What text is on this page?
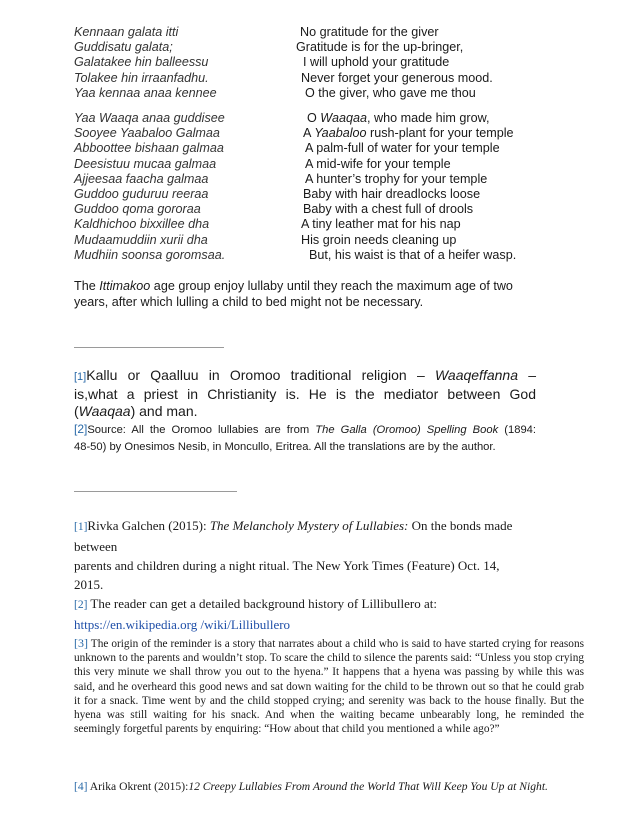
Kennaan galata itti	No gratitude for the giver
Guddisatu galata;	Gratitude is for the up-bringer,
Galatakee hin balleessu	I will uphold your gratitude
Tolakee hin irraanfadhu.	Never forget your generous mood.
Yaa kennaa anaa kennee	O the giver, who gave me thou
Yaa Waaqa anaa guddisee	O Waaqaa, who made him grow,
Sooyee Yaabaloo Galmaa	A Yaabaloo rush-plant for your temple
Abboottee bishaan galmaa	A palm-full of water for your temple
Deesistuu mucaa galmaa	A mid-wife for your temple
Ajjeesaa faacha galmaa	A hunter’s trophy for your temple
Guddoo guduruu reeraa	Baby with hair dreadlocks loose
Guddoo qoma gororaa	Baby with a chest full of drools
Kaldhichoo bixxillee dha	A tiny leather mat for his nap
Mudaamuddiin xurii dha	His groin needs cleaning up
Mudhiin soonsa goromsaa.	But, his waist is that of a heifer wasp.
The Ittimakoo age group enjoy lullaby until they reach the maximum age of two
years, after which lulling a child to bed might not be necessary.
[1]Kallu or Qaalluu in Oromoo traditional religion – Waaqeffanna –
is,what a priest in Christianity is. He is the mediator between God
(Waaqaa) and man.
[2]Source: All the Oromoo lullabies are from The Galla (Oromoo) Spelling Book (1894:
48-50) by Onesimos Nesib, in Moncullo, Eritrea. All the translations are by the author.
[1]Rivka Galchen (2015): The Melancholy Mystery of Lullabies: On the bonds made
between
parents and children during a night ritual. The New York Times (Feature) Oct. 14,
2015.
[2] The reader can get a detailed background history of Lillibullero at:
https://en.wikipedia.org /wiki/Lillibullero
[3] The origin of the reminder is a story that narrates about a child who is said to have started crying for reasons unknown to the parents and wouldn’t stop. To scare the child to silence the parents said: “Unless you stop crying this very minute we shall throw you out to the hyena.” It happens that a hyena was passing by while this was said, and he overheard this good news and sat down waiting for the child to be thrown out so that he could grab it for a snack. Time went by and the child stopped crying; and serenity was back to the house finally. But the hyena was still waiting for his snack. And when the waiting became unbearably long, he reminded the seemingly forgetful parents by enquiring: “How about that child you mentioned a while ago?”
[4] Arika Okrent (2015):12 Creepy Lullabies From Around the World That Will Keep You Up at Night.
